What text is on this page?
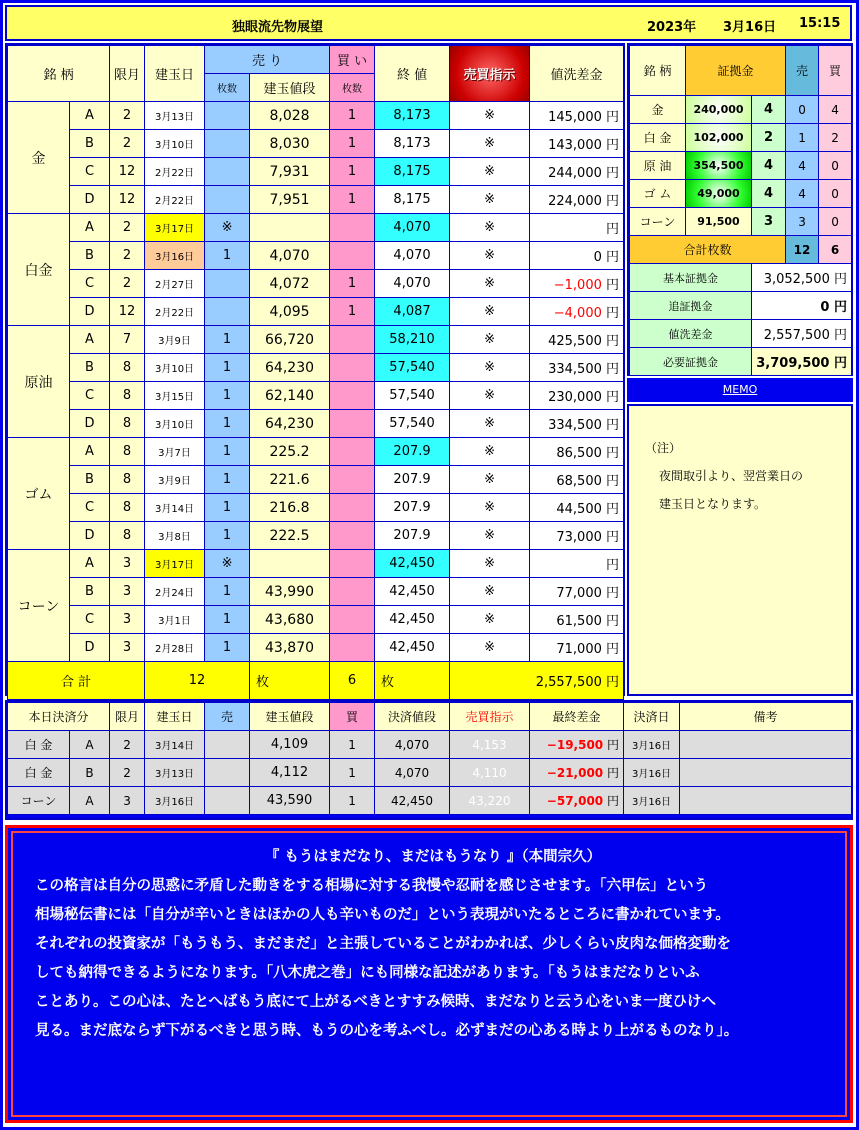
独眼流先物展望	2023年 3月16日 15:15
銘 柄		限月	建玉日	売 り		買 い	終 値	売買指示	値洗差金
				枚数	建玉値段	枚数			
金	A	2	3月13日		8,028	1	8,173	※	145,000 円
	B	2	3月10日		8,030	1	8,173	※	143,000 円
	C	12	2月22日		7,931	1	8,175	※	244,000 円
	D	12	2月22日		7,951	1	8,175	※	224,000 円
白金	A	2	3月17日	※			4,070	※	円
	B	2	3月16日	1	4,070		4,070	※	0 円
	C	2	2月27日		4,072	1	4,070	※	−1,000 円
	D	12	2月22日		4,095	1	4,087	※	−4,000 円
原油	A	7	3月9日	1	66,720		58,210	※	425,500 円
	B	8	3月10日	1	64,230		57,540	※	334,500 円
	C	8	3月15日	1	62,140		57,540	※	230,000 円
	D	8	3月10日	1	64,230		57,540	※	334,500 円
ゴム	A	8	3月7日	1	225.2		207.9	※	86,500 円
	B	8	3月9日	1	221.6		207.9	※	68,500 円
	C	8	3月14日	1	216.8		207.9	※	44,500 円
	D	8	3月8日	1	222.5		207.9	※	73,000 円
コーン	A	3	3月17日	※			42,450	※	円
	B	3	2月24日	1	43,990		42,450	※	77,000 円
	C	3	3月1日	1	43,680		42,450	※	61,500 円
	D	3	2月28日	1	43,870		42,450	※	71,000 円
合 計			12		枚	6	枚	2,557,500 円	
銘 柄	証拠金		売	買
金	240,000	4	0	4
白 金	102,000	2	1	2
原 油	354,500	4	4	0
ゴ ム	49,000	4	4	0
コーン	91,500	3	3	0
合計枚数			12	6
基本証拠金		3,052,500 円		
追証拠金		0 円		
値洗差金		2,557,500 円		
必要証拠金		3,709,500 円		
MEMO
（注）
夜間取引より、翌営業日の
建玉日となります。
本日決済分		限月	建玉日	売	建玉値段	買	決済値段	売買指示	最終差金	決済日	備考
白 金	A	2	3月14日		4,109	1	4,070	4,153	−19,500 円	3月16日	
白 金	B	2	3月13日		4,112	1	4,070	4,110	−21,000 円	3月16日	
コーン	A	3	3月16日		43,590	1	42,450	43,220	−57,000 円	3月16日	

『 もうはまだなり、まだはもうなり 』（本間宗久）

この格言は自分の思惑に矛盾した動きをする相場に対する我慢や忍耐を感じさせます。「六甲伝」という

相場秘伝書には「自分が辛いときはほかの人も辛いものだ」という表現がいたるところに書かれています。

それぞれの投資家が「もうもう、まだまだ」と主張していることがわかれば、少しくらい皮肉な価格変動を

しても納得できるようになります。「八木虎之巻」にも同様な記述があります。「もうはまだなりといふ

ことあり。この心は、たとへばもう底にて上がるべきとすすみ候時、まだなりと云う心をいま一度ひけへ

見る。まだ底ならず下がるべきと思う時、もうの心を考ふべし。必ずまだの心ある時より上がるものなり」。
